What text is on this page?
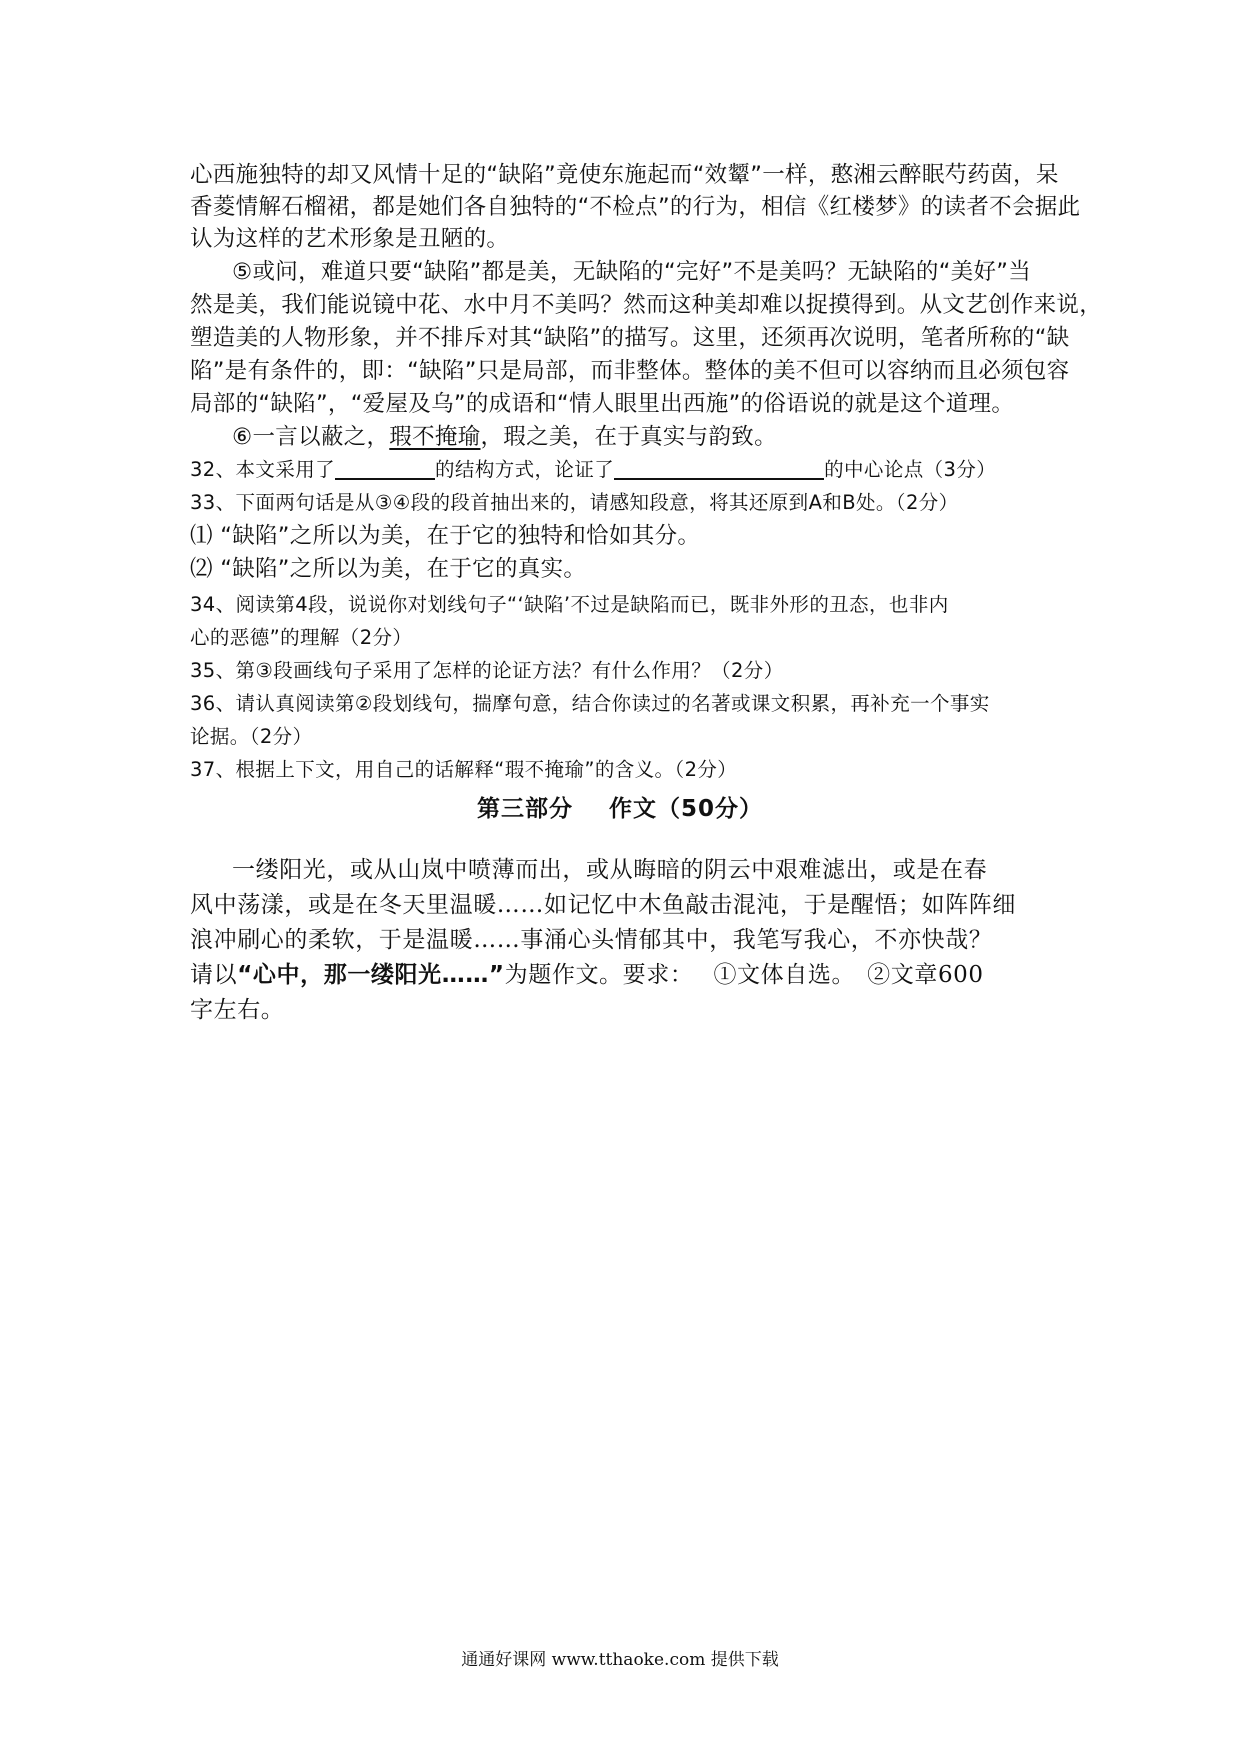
心西施独特的却又风情十足的“缺陷”竟使东施起而“效颦”一样，憨湘云醉眠芍药茵，呆
香菱情解石榴裙，都是她们各自独特的“不检点”的行为，相信《红楼梦》的读者不会据此
认为这样的艺术形象是丑陋的。
⑤或问，难道只要“缺陷”都是美，无缺陷的“完好”不是美吗？无缺陷的“美好”当
然是美，我们能说镜中花、水中月不美吗？然而这种美却难以捉摸得到。从文艺创作来说，
塑造美的人物形象，并不排斥对其“缺陷”的描写。这里，还须再次说明，笔者所称的“缺
陷”是有条件的，即：“缺陷”只是局部，而非整体。整体的美不但可以容纳而且必须包容
局部的“缺陷”，“爱屋及乌”的成语和“情人眼里出西施”的俗语说的就是这个道理。
⑥一言以蔽之，瑕不掩瑜，瑕之美，在于真实与韵致。
32、本文采用了	的结构方式，论证了	的中心论点（3分）
33、下面两句话是从③④段的段首抽出来的，请感知段意，将其还原到A和B处。（2分）
⑴ “缺陷”之所以为美，在于它的独特和恰如其分。
⑵ “缺陷”之所以为美，在于它的真实。
34、阅读第4段，说说你对划线句子“‘缺陷’不过是缺陷而已，既非外形的丑态，也非内
心的恶德”的理解（2分）
35、第③段画线句子采用了怎样的论证方法？有什么作用？（2分）
36、请认真阅读第②段划线句，揣摩句意，结合你读过的名著或课文积累，再补充一个事实
论据。（2分）
37、根据上下文，用自己的话解释“瑕不掩瑜”的含义。（2分）
第三部分 作文（50分）
一缕阳光，或从山岚中喷薄而出，或从晦暗的阴云中艰难滤出，或是在春
风中荡漾，或是在冬天里温暖……如记忆中木鱼敲击混沌，于是醒悟；如阵阵细
浪冲刷心的柔软，于是温暖……事涌心头情郁其中，我笔写我心，不亦快哉？
请以“心中，那一缕阳光……”为题作文。要求：　 ①文体自选。　②文章600
字左右。
通通好课网 www.tthaoke.com 提供下载
